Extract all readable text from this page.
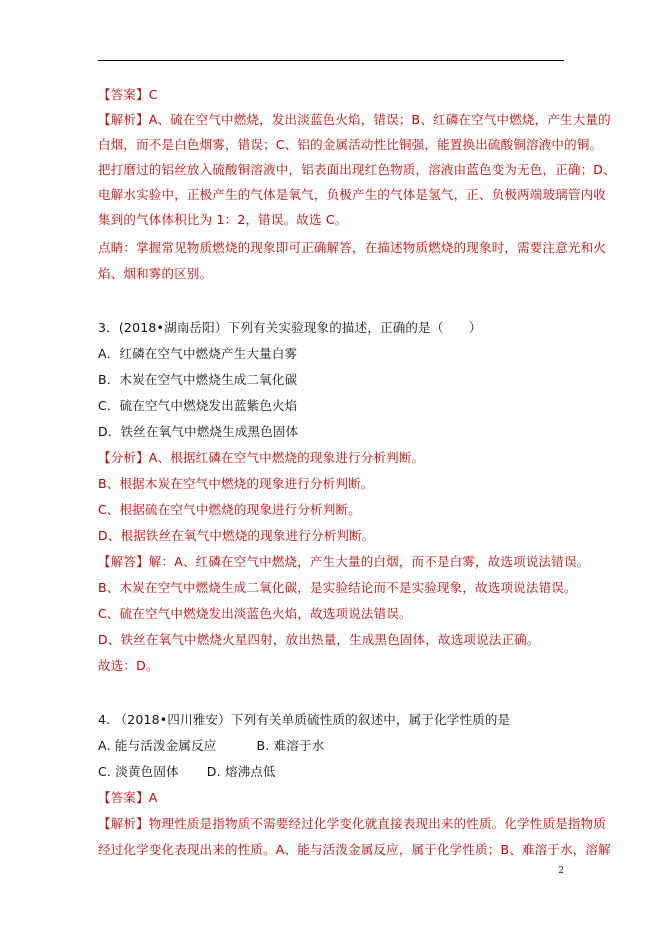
【答案】C
【解析】A、硫在空气中燃烧，发出淡蓝色火焰，错误；B、红磷在空气中燃烧，产生大量的
白烟，而不是白色烟雾，错误；C、铝的金属活动性比铜强，能置换出硫酸铜溶液中的铜。
把打磨过的铝丝放入硫酸铜溶液中，铝表面出现红色物质，溶液由蓝色变为无色，正确；D、
电解水实验中，正极产生的气体是氧气，负极产生的气体是氢气，正、负极两端玻璃管内收
集到的气体体积比为 1：2，错误。故选 C。
点睛：掌握常见物质燃烧的现象即可正确解答，在描述物质燃烧的现象时，需要注意光和火
焰、烟和雾的区别。
3．(2018•湖南岳阳）下列有关实验现象的描述，正确的是（　　）
A．红磷在空气中燃烧产生大量白雾
B．木炭在空气中燃烧生成二氧化碳
C．硫在空气中燃烧发出蓝紫色火焰
D．铁丝在氧气中燃烧生成黑色固体
【分析】A、根据红磷在空气中燃烧的现象进行分析判断。
B、根据木炭在空气中燃烧的现象进行分析判断。
C、根据硫在空气中燃烧的现象进行分析判断。
D、根据铁丝在氧气中燃烧的现象进行分析判断。
【解答】解：A、红磷在空气中燃烧，产生大量的白烟，而不是白雾，故选项说法错误。
B、木炭在空气中燃烧生成二氧化碳，是实验结论而不是实验现象，故选项说法错误。
C、硫在空气中燃烧发出淡蓝色火焰，故选项说法错误。
D、铁丝在氧气中燃烧火星四射，放出热量，生成黑色固体，故选项说法正确。
故选：D。
4. （2018•四川雅安）下列有关单质硫性质的叙述中，属于化学性质的是
A. 能与活泼金属反应	B. 难溶于水
C. 淡黄色固体 D. 熔沸点低
【答案】A
【解析】物理性质是指物质不需要经过化学变化就直接表现出来的性质。化学性质是指物质
经过化学变化表现出来的性质。A、能与活泼金属反应，属于化学性质；B、难溶于水，溶解
2
